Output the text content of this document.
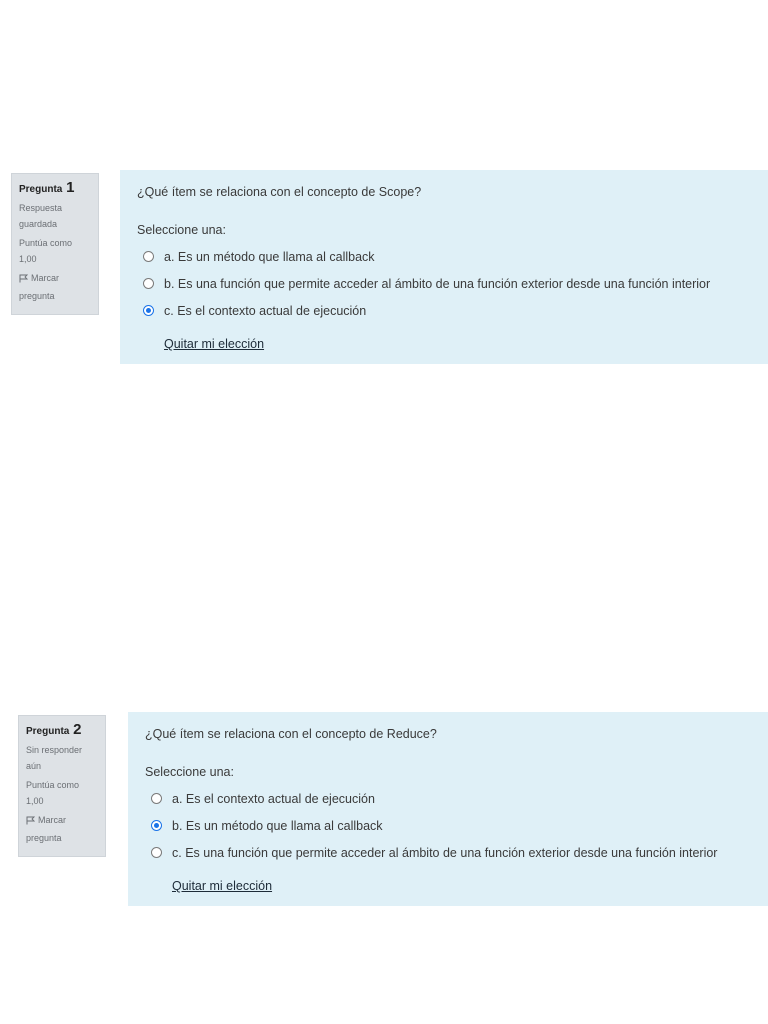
Pregunta 1
Respuesta
guardada
Puntúa como
1,00
Marcar
pregunta
¿Qué ítem se relaciona con el concepto de Scope?
Seleccione una:
a. Es un método que llama al callback
b. Es una función que permite acceder al ámbito de una función exterior desde una función interior
c. Es el contexto actual de ejecución
Quitar mi elección
Pregunta 2
Sin responder
aún
Puntúa como
1,00
Marcar
pregunta
¿Qué ítem se relaciona con el concepto de Reduce?
Seleccione una:
a. Es el contexto actual de ejecución
b. Es un método que llama al callback
c. Es una función que permite acceder al ámbito de una función exterior desde una función interior
Quitar mi elección
